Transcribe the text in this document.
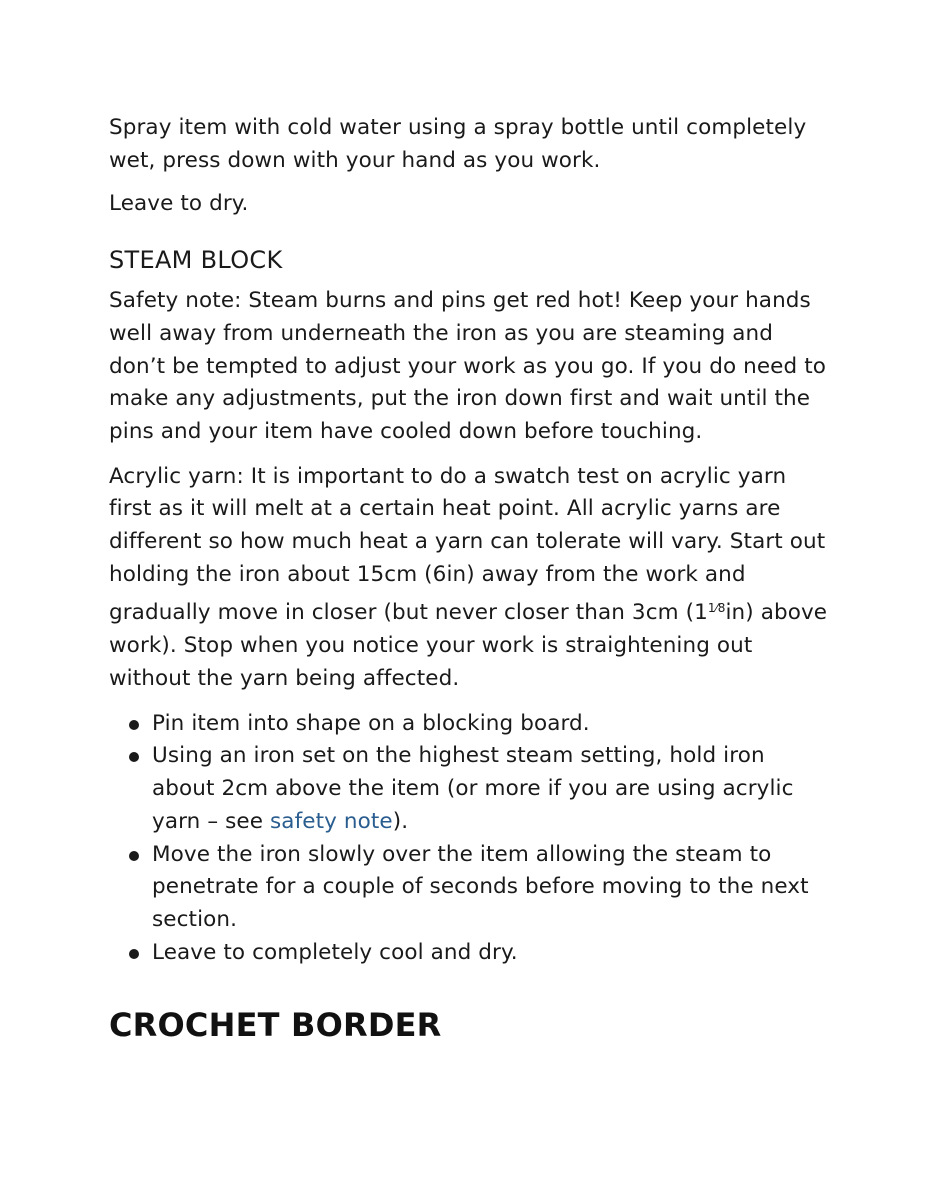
Spray item with cold water using a spray bottle until completely wet, press down with your hand as you work.

Leave to dry.

STEAM BLOCK

Safety note: Steam burns and pins get red hot! Keep your hands well away from underneath the iron as you are steaming and don’t be tempted to adjust your work as you go. If you do need to make any adjustments, put the iron down first and wait until the pins and your item have cooled down before touching.

Acrylic yarn: It is important to do a swatch test on acrylic yarn first as it will melt at a certain heat point. All acrylic yarns are different so how much heat a yarn can tolerate will vary. Start out holding the iron about 15cm (6in) away from the work and gradually move in closer (but never closer than 3cm $(1^{1⁄8}in)$ above work). Stop when you notice your work is straightening out without the yarn being affected.

Pin item into shape on a blocking board.
Using an iron set on the highest steam setting, hold iron about 2cm above the item (or more if you are using acrylic yarn – see safety note).
Move the iron slowly over the item allowing the steam to penetrate for a couple of seconds before moving to the next section.
Leave to completely cool and dry.
CROCHET BORDER
